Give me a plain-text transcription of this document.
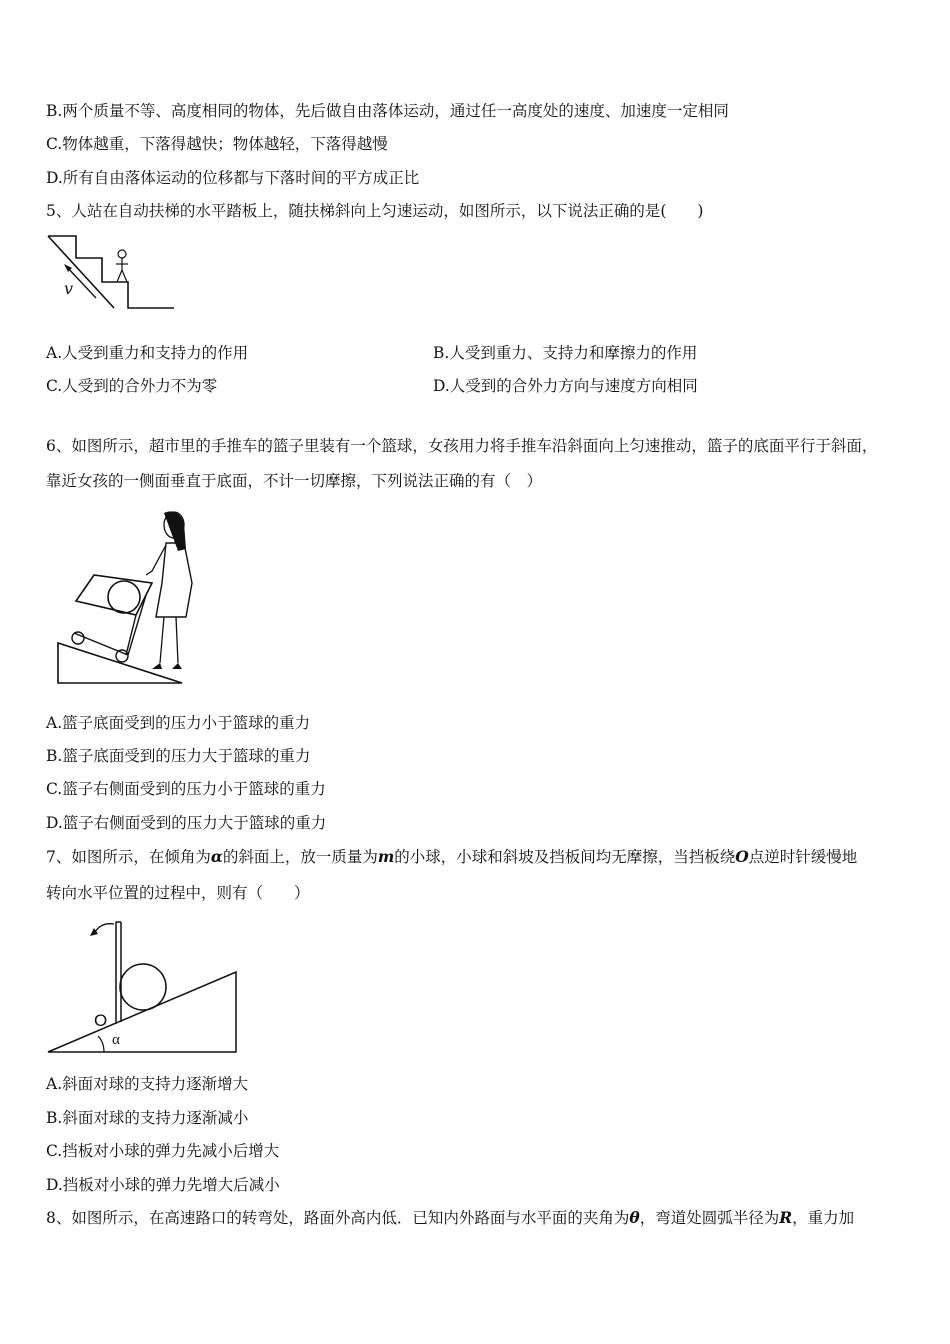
B.两个质量不等、高度相同的物体，先后做自由落体运动，通过任一高度处的速度、加速度一定相同
C.物体越重，下落得越快；物体越轻，下落得越慢
D.所有自由落体运动的位移都与下落时间的平方成正比
5、人站在自动扶梯的水平踏板上，随扶梯斜向上匀速运动，如图所示，以下说法正确的是(　　)
v
A.人受到重力和支持力的作用	B.人受到重力、支持力和摩擦力的作用
C.人受到的合外力不为零	D.人受到的合外力方向与速度方向相同
6、如图所示，超市里的手推车的篮子里装有一个篮球，女孩用力将手推车沿斜面向上匀速推动，篮子的底面平行于斜面，
靠近女孩的一侧面垂直于底面，不计一切摩擦，下列说法正确的有（　）
A.篮子底面受到的压力小于篮球的重力
B.篮子底面受到的压力大于篮球的重力
C.篮子右侧面受到的压力小于篮球的重力
D.篮子右侧面受到的压力大于篮球的重力
7、如图所示，在倾角为α的斜面上，放一质量为m的小球，小球和斜坡及挡板间均无摩擦，当挡板绕O点逆时针缓慢地
转向水平位置的过程中，则有（　　）
O
α
A.斜面对球的支持力逐渐增大
B.斜面对球的支持力逐渐减小
C.挡板对小球的弹力先减小后增大
D.挡板对小球的弹力先增大后减小
8、如图所示，在高速路口的转弯处，路面外高内低．已知内外路面与水平面的夹角为θ，弯道处圆弧半径为R，重力加
